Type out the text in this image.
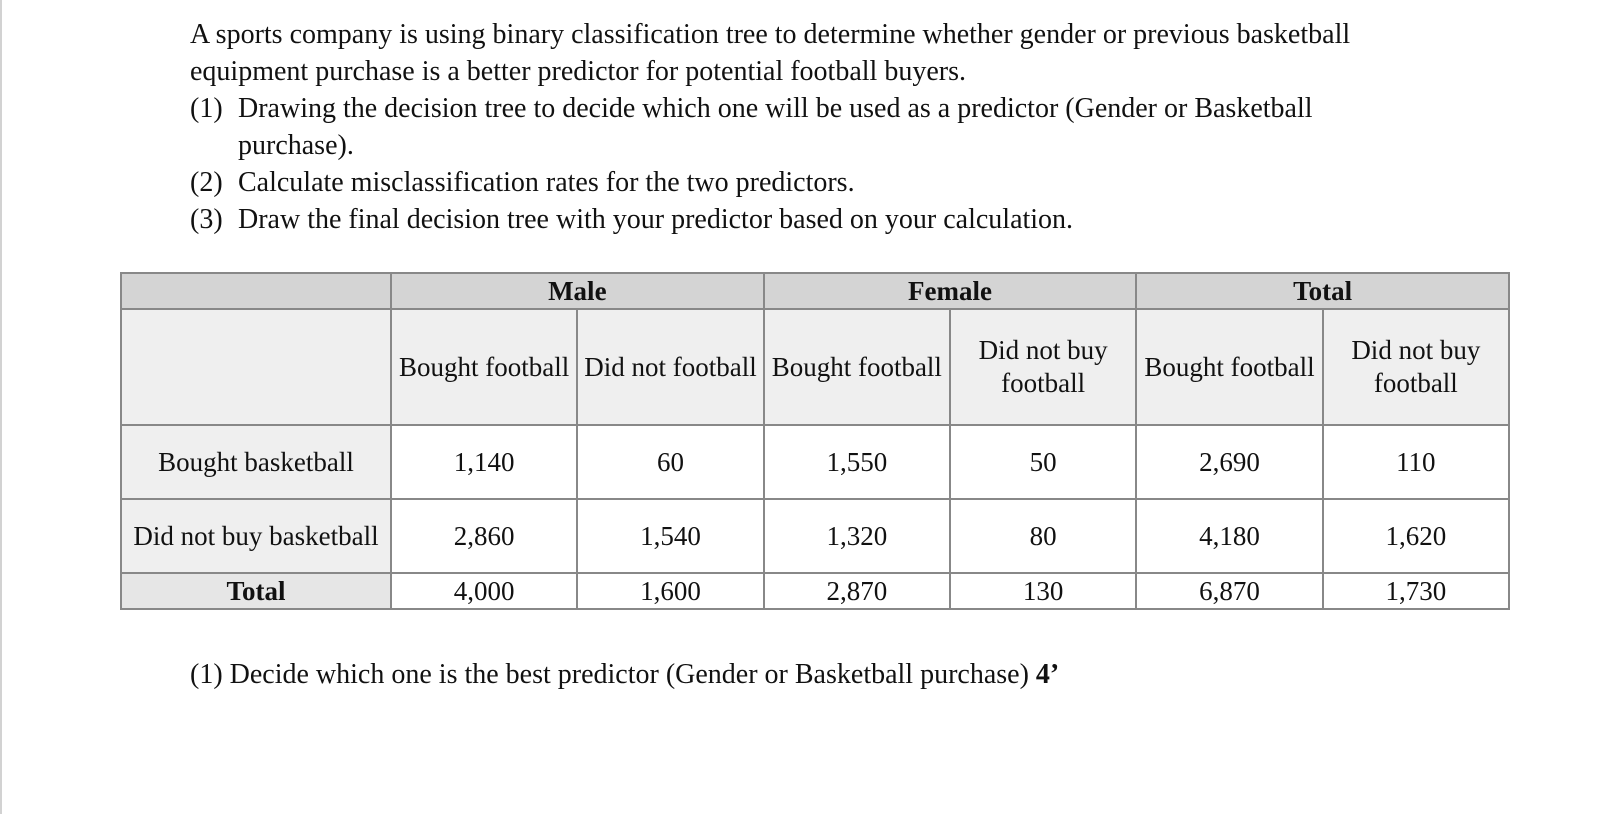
A sports company is using binary classification tree to determine whether gender or previous basketball equipment purchase is a better predictor for potential football buyers.

(1) Drawing the decision tree to decide which one will be used as a predictor (Gender or Basketball purchase).
(2) Calculate misclassification rates for the two predictors.
(3) Draw the final decision tree with your predictor based on your calculation.
	Male		Female		Total	
	Bought football	Did not football	Bought football	Did not buy football	Bought football	Did not buy football
Bought basketball	1,140	60	1,550	50	2,690	110
Did not buy basketball	2,860	1,540	1,320	80	4,180	1,620
Total	4,000	1,600	2,870	130	6,870	1,730
(1) Decide which one is the best predictor (Gender or Basketball purchase) 4’
